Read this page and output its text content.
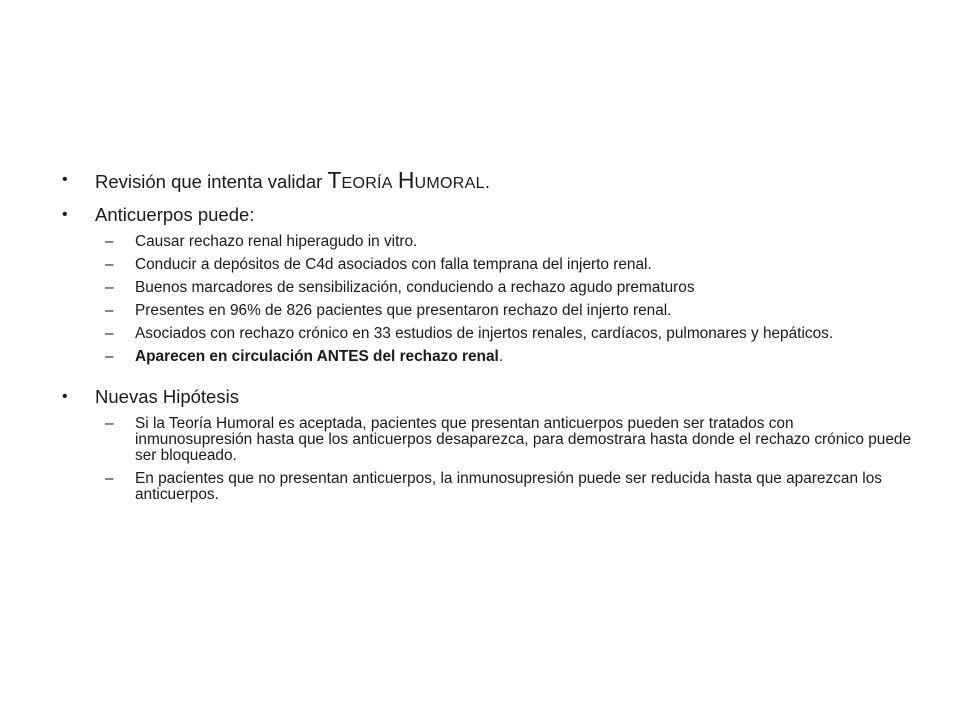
• Revisión que intenta validar TEORÍA HUMORAL.
• Anticuerpos puede:
– Causar rechazo renal hiperagudo in vitro.
– Conducir a depósitos de C4d asociados con falla temprana del injerto renal.
– Buenos marcadores de sensibilización, conduciendo a rechazo agudo prematuros
– Presentes en 96% de 826 pacientes que presentaron rechazo del injerto renal.
– Asociados con rechazo crónico en 33 estudios de injertos renales, cardíacos, pulmonares y hepáticos.
– Aparecen en circulación ANTES del rechazo renal.
• Nuevas Hipótesis
– Si la Teoría Humoral es aceptada, pacientes que presentan anticuerpos pueden ser tratados con inmunosupresión hasta que los anticuerpos desaparezca, para demostrara hasta donde el rechazo crónico puede ser bloqueado.
– En pacientes que no presentan anticuerpos, la inmunosupresión puede ser reducida hasta que aparezcan los anticuerpos.
